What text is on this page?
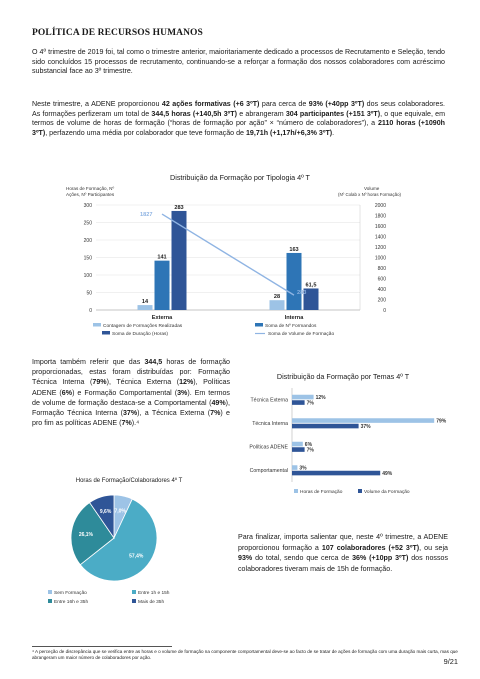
POLÍTICA DE RECURSOS HUMANOS

O 4º trimestre de 2019 foi, tal como o trimestre anterior, maioritariamente dedicado a processos de Recrutamento e Seleção, tendo sido concluídos 15 processos de recrutamento, continuando-se a reforçar a formação dos nossos colaboradores com acréscimo substancial face ao 3º trimestre.

Neste trimestre, a ADENE proporcionou 42 ações formativas (+6 3ºT) para cerca de 93% (+40pp 3ºT) dos seus colaboradores. As formações perfizeram um total de 344,5 horas (+140,5h 3ºT) e abrangeram 304 participantes (+151 3ºT), o que equivale, em termos de volume de horas de formação (“horas de formação por ação” × “número de colaboradores”), a 2110 horas (+1090h 3ºT), perfazendo uma média por colaborador que teve formação de 19,71h (+1,17h/+6,3% 3ºT).

Distribuição da Formação por Tipologia 4º T
Horas de Formação, Nº
Ações, Nº Participantes
Volume
(Nº Colab x Nº horas Formação)
0
50
100
150
200
250
300
0
200
400
600
800
1000
1200
1400
1600
1800
2000
14
141
283
Externa
28
163
61,5
Interna
1827
283
Contagem de Formações Realizadas	Soma de Nº Formandos
Soma de Duração (Horas)	Soma de Volume de Formação

Importa também referir que das 344,5 horas de formação proporcionadas, estas foram distribuídas por: Formação Técnica Interna (79%), Técnica Externa (12%), Políticas ADENE (6%) e Formação Comportamental (3%). Em termos de volume de formação destaca-se a Comportamental (49%), Formação Técnica Interna (37%), a Técnica Externa (7%) e pro fim as políticas ADENE (7%).⁴

Distribuição da Formação por Temas 4º T
Técnica Externa	12%
7%
Técnica Interna	79%
37%
Políticas ADENE	6%
7%
Comportamental 3%
49%
Horas de Formação	Volume da Formação
Horas de Formação/Colaboradores 4º T
7,0%
57,4%
26,1%
9,6%
Sem Formação	Entre 1h e 15h
Entre 16h e 35h	Mais de 35h

Para finalizar, importa salientar que, neste 4º trimestre, a ADENE proporcionou formação a 107 colaboradores (+52 3ºT), ou seja 93% do total, sendo que cerca de 36% (+10pp 3ºT) dos nossos colaboradores tiveram mais de 15h de formação.

⁴ A perceção de discrepância que se verifica entre as horas e o volume de formação na componente comportamental deve-se ao facto de se tratar de ações de formação com uma duração mais curta, mas que abrangeram um maior número de colaboradores por ação.	9/21
